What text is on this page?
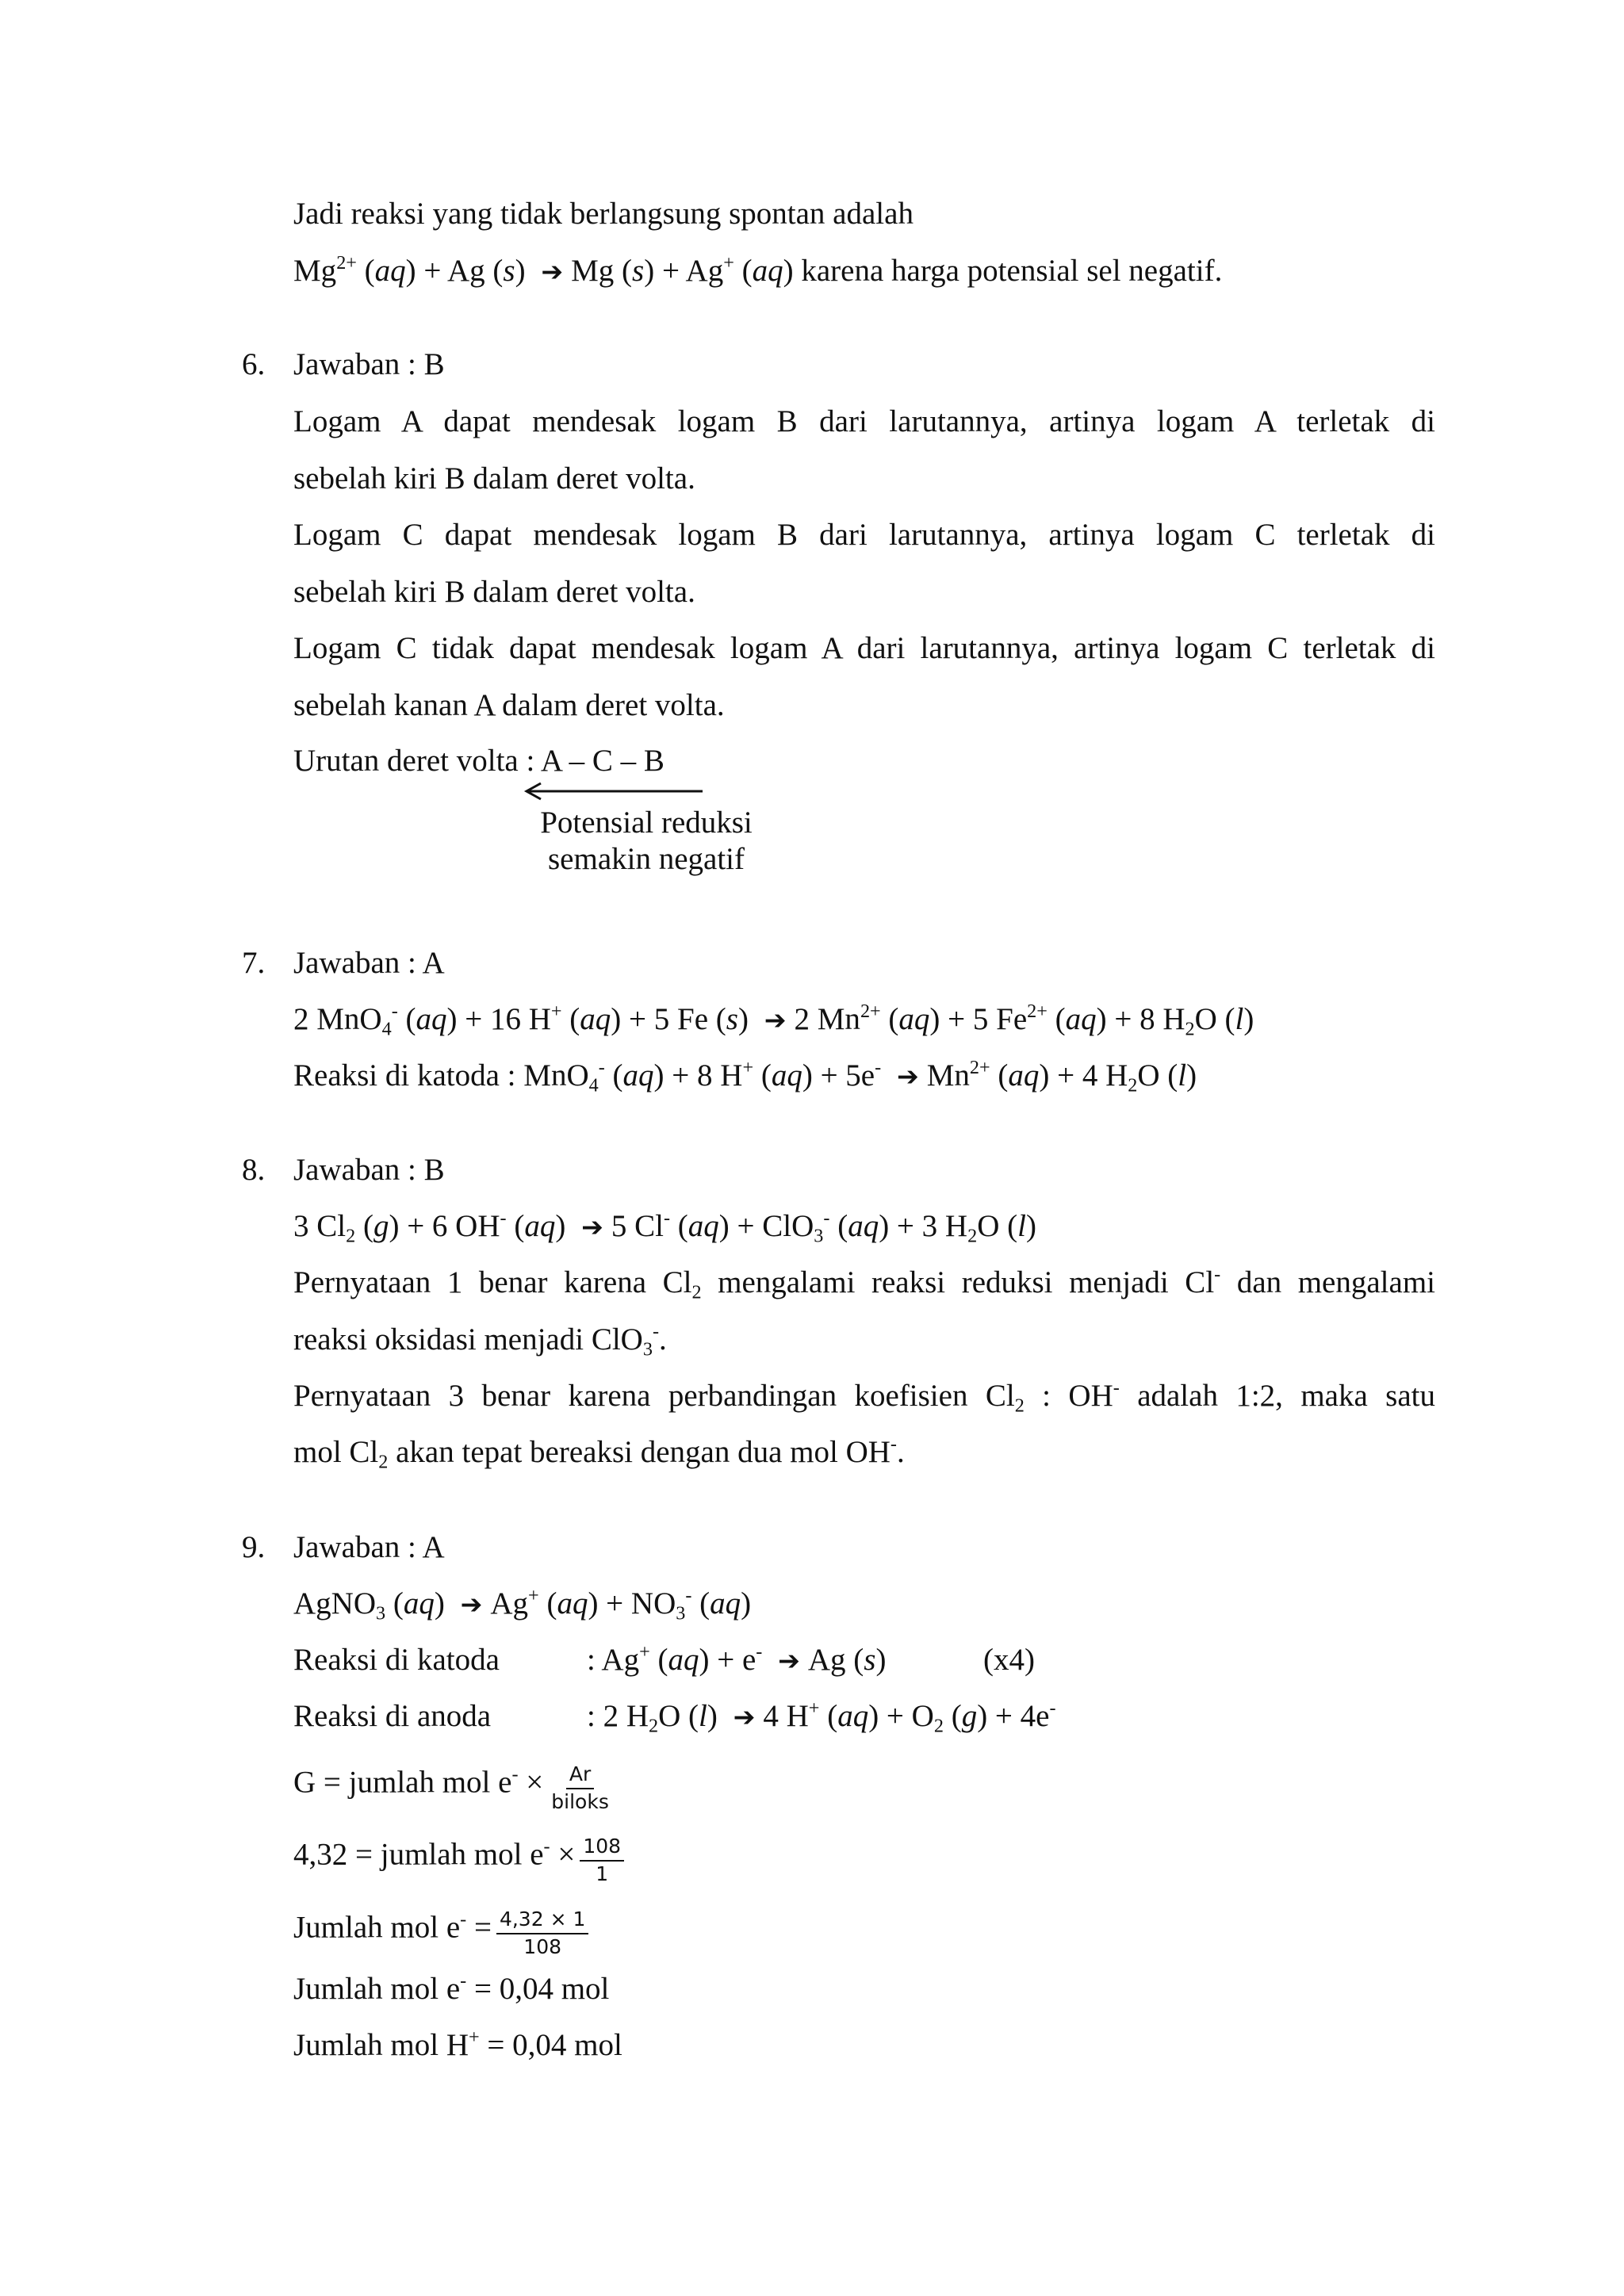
Jadi reaksi yang tidak berlangsung spontan adalah
$Mg^{2+}$ (aq) + Ag (s) ➔ Mg (s) + Ag+ (aq) karena harga potensial sel negatif.
6. Jawaban : B
Logam A dapat mendesak logam B dari larutannya, artinya logam A terletak di
sebelah kiri B dalam deret volta.
Logam C dapat mendesak logam B dari larutannya, artinya logam C terletak di
sebelah kiri B dalam deret volta.
Logam C tidak dapat mendesak logam A dari larutannya, artinya logam C terletak di
sebelah kanan A dalam deret volta.
Urutan deret volta : A – C – B
Potensial reduksi
semakin negatif
7. Jawaban : A
2 MnO$_4$- (aq) + 16 H+ (aq) + 5 Fe (s) ➔ 2 $Mn^{2+}$ (aq) + 5 $Fe^{2+}$ (aq) + 8 $H_2O$ (l)
Reaksi di katoda : MnO$_4$- (aq) + 8 H+ (aq) + 5e- ➔ $Mn^{2+}$ (aq) + 4 $H_2O$ (l)
8. Jawaban : B
3 $Cl_2$ (g) + 6 OH- (aq) ➔ 5 Cl- (aq) + ClO$_3$- (aq) + 3 $H_2O$ (l)
Pernyataan 1 benar karena $Cl_2$ mengalami reaksi reduksi menjadi Cl- dan mengalami
reaksi oksidasi menjadi ClO$_3$-.
Pernyataan 3 benar karena perbandingan koefisien $Cl_2$ : OH- adalah 1:2, maka satu
mol $Cl_2$ akan tepat bereaksi dengan dua mol OH-.
9. Jawaban : A
AgNO$_3$ (aq) ➔ Ag+ $(aq) + NO_3^-$ (aq)
Reaksi di katoda	: Ag+ (aq) + e- ➔ Ag (s)	(x4)
Reaksi di anoda	: 2 $H_2O$ (l) ➔ 4 H+ $(aq) + O_2$ (g) + 4e-
G = jumlah mol $e^- \times \frac{Ar}{\text{biloks}}$
4,32 = jumlah mol $e^- \times \frac{108}{1}$
Jumlah mol $e^- = \frac{4,32 \times 1}{108}$
Jumlah mol e- = 0,04 mol
Jumlah mol H+ = 0,04 mol
